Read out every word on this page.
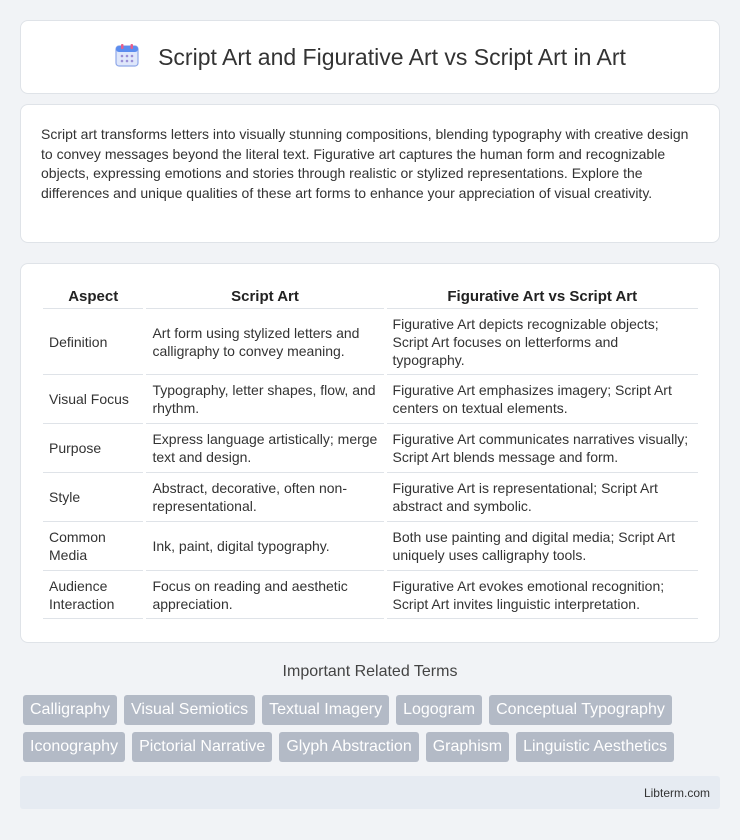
Script Art and Figurative Art vs Script Art in Art

Script art transforms letters into visually stunning compositions, blending typography with creative design to convey messages beyond the literal text. Figurative art captures the human form and recognizable objects, expressing emotions and stories through realistic or stylized representations. Explore the differences and unique qualities of these art forms to enhance your appreciation of visual creativity.

Aspect		Script Art		Figurative Art vs Script Art
Definition		Art form using stylized letters and calligraphy to convey meaning.		Figurative Art depicts recognizable objects; Script Art focuses on letterforms and typography.
Visual Focus		Typography, letter shapes, flow, and rhythm.		Figurative Art emphasizes imagery; Script Art centers on textual elements.
Purpose		Express language artistically; merge text and design.		Figurative Art communicates narratives visually; Script Art blends message and form.
Style		Abstract, decorative, often non-representational.		Figurative Art is representational; Script Art abstract and symbolic.
Common Media		Ink, paint, digital typography.		Both use painting and digital media; Script Art uniquely uses calligraphy tools.
Audience Interaction		Focus on reading and aesthetic appreciation.		Figurative Art evokes emotional recognition; Script Art invites linguistic interpretation.
Important Related Terms
Calligraphy	Visual Semiotics	Textual Imagery	Logogram	Conceptual Typography
Iconography	Pictorial Narrative	Glyph Abstraction	Graphism	Linguistic Aesthetics
Libterm.com
